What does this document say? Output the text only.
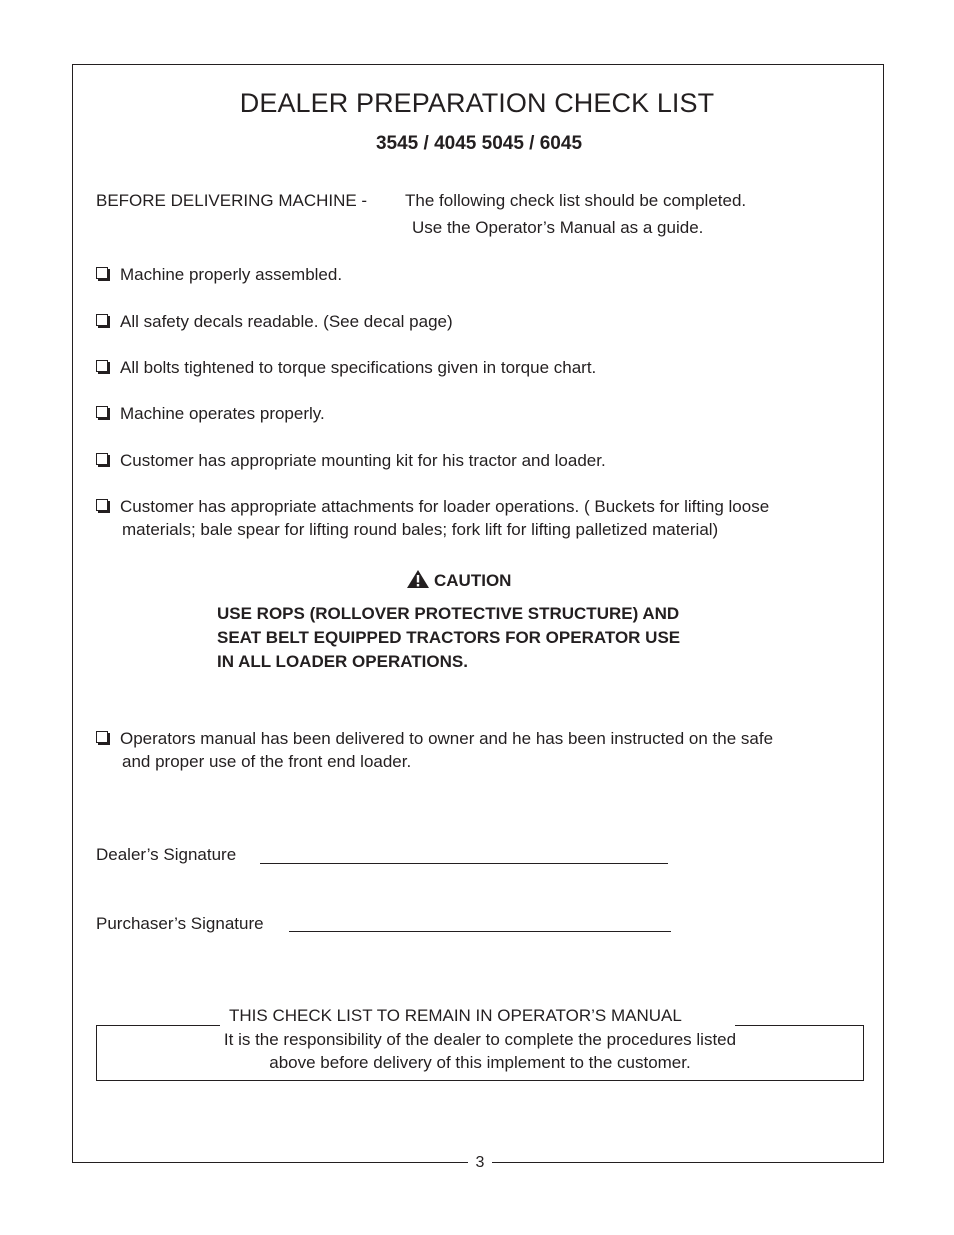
DEALER PREPARATION CHECK LIST
3545 / 4045 5045 / 6045
BEFORE DELIVERING MACHINE - The following check list should be completed.
Use the Operator’s Manual as a guide.
Machine properly assembled.
All safety decals readable. (See decal page)
All bolts tightened to torque specifications given in torque chart.
Machine operates properly.
Customer has appropriate mounting kit for his tractor and loader.
Customer has appropriate attachments for loader operations. ( Buckets for lifting loose
materials; bale spear for lifting round bales; fork lift for lifting palletized material)
CAUTION
USE ROPS (ROLLOVER PROTECTIVE STRUCTURE) AND
SEAT BELT EQUIPPED TRACTORS FOR OPERATOR USE
IN ALL LOADER OPERATIONS.
Operators manual has been delivered to owner and he has been instructed on the safe
and proper use of the front end loader.
Dealer’s Signature
Purchaser’s Signature
THIS CHECK LIST TO REMAIN IN OPERATOR’S MANUAL
It is the responsibility of the dealer to complete the procedures listed
above before delivery of this implement to the customer.
3
